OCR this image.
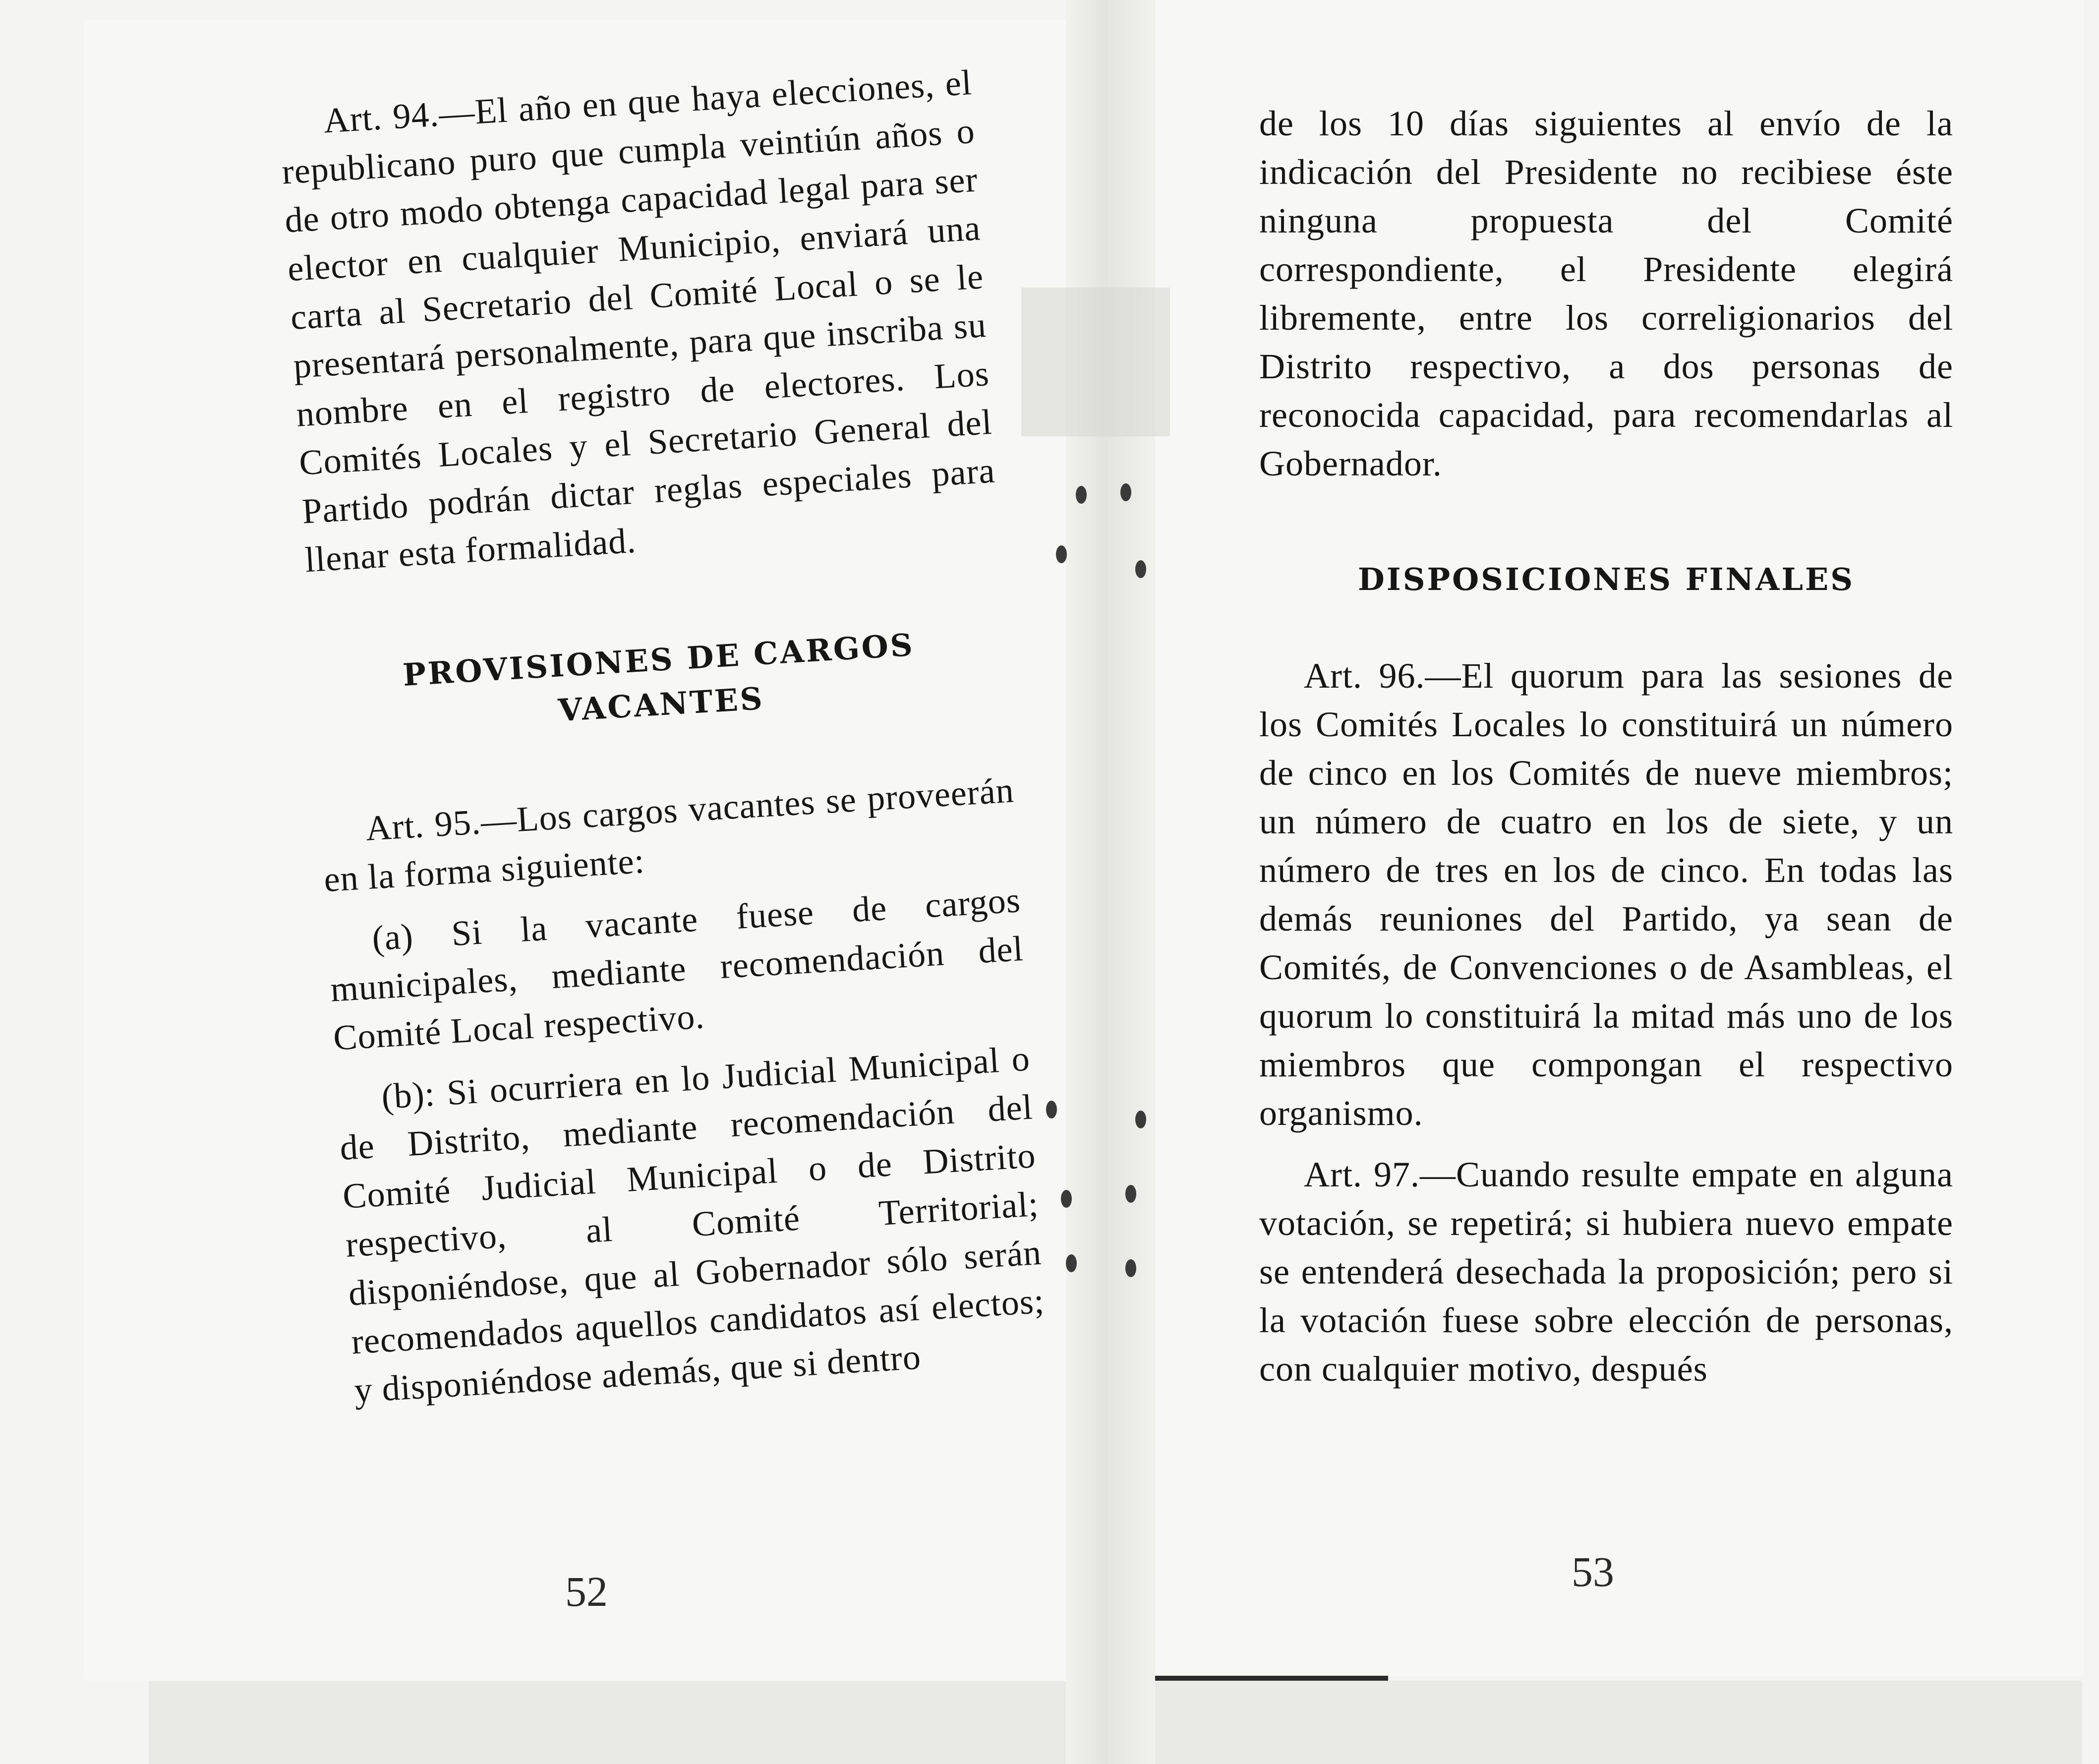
Art. 94.—El año en que haya elecciones, el republicano puro que cumpla veintiún años o de otro modo obtenga capacidad legal para ser elector en cualquier Municipio, enviará una carta al Secretario del Comité Local o se le presentará personalmente, para que inscriba su nombre en el registro de electores. Los Comités Locales y el Secretario General del Partido podrán dictar reglas especiales para llenar esta formalidad.

PROVISIONES DE CARGOS VACANTES

Art. 95.—Los cargos vacantes se proveerán en la forma siguiente:

(a) Si la vacante fuese de cargos municipales, mediante recomendación del Comité Local respectivo.

(b): Si ocurriera en lo Judicial Municipal o de Distrito, mediante recomendación del Comité Judicial Municipal o de Distrito respectivo, al Comité Territorial; disponiéndose, que al Gobernador sólo serán recomendados aquellos candidatos así electos; y disponiéndose además, que si dentro

52

de los 10 días siguientes al envío de la indicación del Presidente no recibiese éste ninguna propuesta del Comité correspondiente, el Presidente elegirá libremente, entre los correligionarios del Distrito respectivo, a dos personas de reconocida capacidad, para recomendarlas al Gobernador.

DISPOSICIONES FINALES

Art. 96.—El quorum para las sesiones de los Comités Locales lo constituirá un número de cinco en los Comités de nueve miembros; un número de cuatro en los de siete, y un número de tres en los de cinco. En todas las demás reuniones del Partido, ya sean de Comités, de Convenciones o de Asambleas, el quorum lo constituirá la mitad más uno de los miembros que compongan el respectivo organismo.

Art. 97.—Cuando resulte empate en alguna votación, se repetirá; si hubiera nuevo empate se entenderá desechada la proposición; pero si la votación fuese sobre elección de personas, con cualquier motivo, después

53
